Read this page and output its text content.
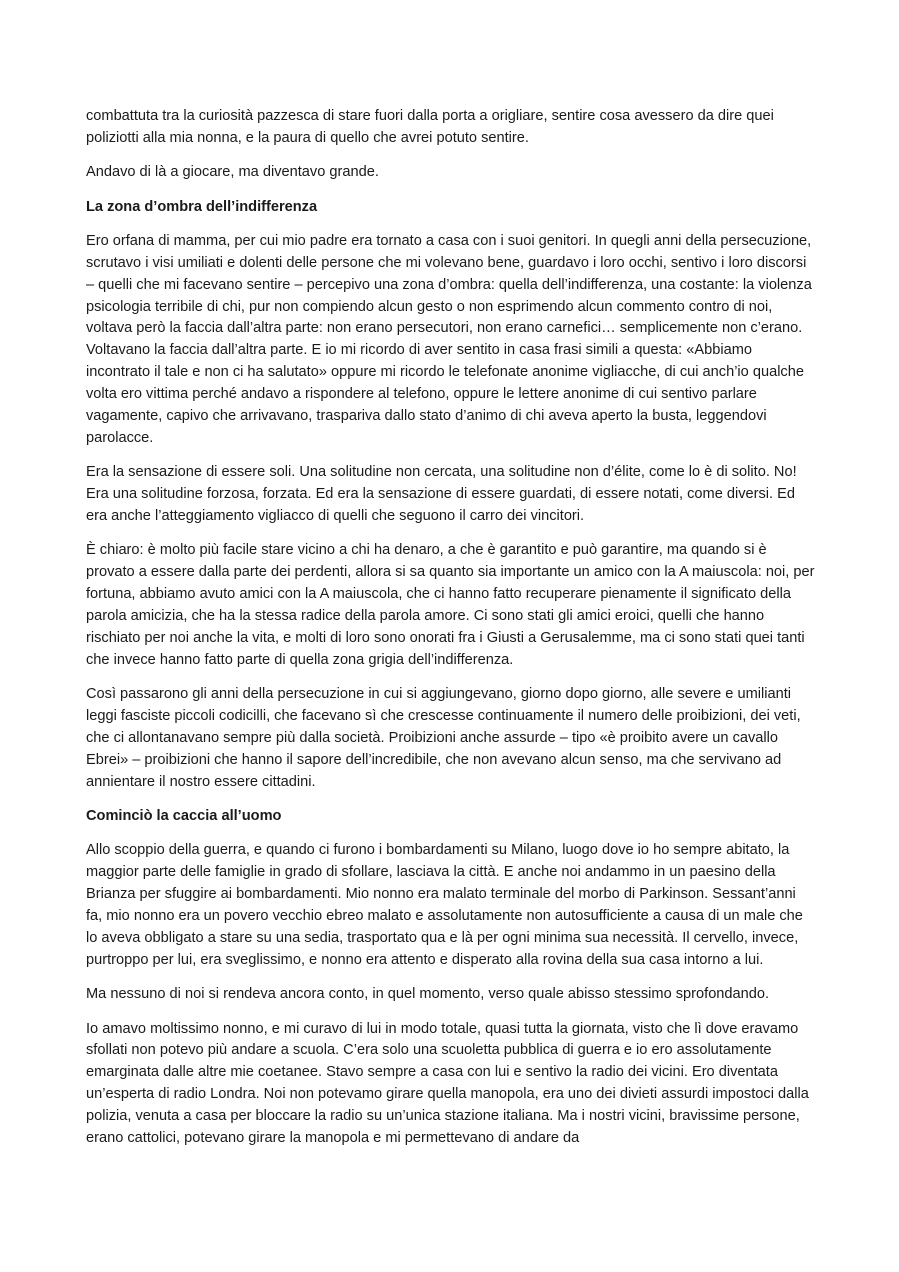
combattuta tra la curiosità pazzesca di stare fuori dalla porta a origliare, sentire cosa avessero da dire quei poliziotti alla mia nonna, e la paura di quello che avrei potuto sentire.

Andavo di là a giocare, ma diventavo grande.

La zona d’ombra dell’indifferenza

Ero orfana di mamma, per cui mio padre era tornato a casa con i suoi genitori. In quegli anni della persecuzione, scrutavo i visi umiliati e dolenti delle persone che mi volevano bene, guardavo i loro occhi, sentivo i loro discorsi – quelli che mi facevano sentire – percepivo una zona d’ombra: quella dell’indifferenza, una costante: la violenza psicologia terribile di chi, pur non compiendo alcun gesto o non esprimendo alcun commento contro di noi, voltava però la faccia dall’altra parte: non erano persecutori, non erano carnefici… semplicemente non c’erano. Voltavano la faccia dall’altra parte. E io mi ricordo di aver sentito in casa frasi simili a questa: «Abbiamo incontrato il tale e non ci ha salutato» oppure mi ricordo le telefonate anonime vigliacche, di cui anch’io qualche volta ero vittima perché andavo a rispondere al telefono, oppure le lettere anonime di cui sentivo parlare vagamente, capivo che arrivavano, traspariva dallo stato d’animo di chi aveva aperto la busta, leggendovi parolacce.

Era la sensazione di essere soli. Una solitudine non cercata, una solitudine non d’élite, come lo è di solito. No! Era una solitudine forzosa, forzata. Ed era la sensazione di essere guardati, di essere notati, come diversi. Ed era anche l’atteggiamento vigliacco di quelli che seguono il carro dei vincitori.

È chiaro: è molto più facile stare vicino a chi ha denaro, a che è garantito e può garantire, ma quando si è provato a essere dalla parte dei perdenti, allora si sa quanto sia importante un amico con la A maiuscola: noi, per fortuna, abbiamo avuto amici con la A maiuscola, che ci hanno fatto recuperare pienamente il significato della parola amicizia, che ha la stessa radice della parola amore. Ci sono stati gli amici eroici, quelli che hanno rischiato per noi anche la vita, e molti di loro sono onorati fra i Giusti a Gerusalemme, ma ci sono stati quei tanti che invece hanno fatto parte di quella zona grigia dell’indifferenza.

Così passarono gli anni della persecuzione in cui si aggiungevano, giorno dopo giorno, alle severe e umilianti leggi fasciste piccoli codicilli, che facevano sì che crescesse continuamente il numero delle proibizioni, dei veti, che ci allontanavano sempre più dalla società. Proibizioni anche assurde – tipo «è proibito avere un cavallo Ebrei» – proibizioni che hanno il sapore dell’incredibile, che non avevano alcun senso, ma che servivano ad annientare il nostro essere cittadini.

Cominciò la caccia all’uomo

Allo scoppio della guerra, e quando ci furono i bombardamenti su Milano, luogo dove io ho sempre abitato, la maggior parte delle famiglie in grado di sfollare, lasciava la città. E anche noi andammo in un paesino della Brianza per sfuggire ai bombardamenti. Mio nonno era malato terminale del morbo di Parkinson. Sessant’anni fa, mio nonno era un povero vecchio ebreo malato e assolutamente non autosufficiente a causa di un male che lo aveva obbligato a stare su una sedia, trasportato qua e là per ogni minima sua necessità. Il cervello, invece, purtroppo per lui, era sveglissimo, e nonno era attento e disperato alla rovina della sua casa intorno a lui.

Ma nessuno di noi si rendeva ancora conto, in quel momento, verso quale abisso stessimo sprofondando.

Io amavo moltissimo nonno, e mi curavo di lui in modo totale, quasi tutta la giornata, visto che lì dove eravamo sfollati non potevo più andare a scuola. C’era solo una scuoletta pubblica di guerra e io ero assolutamente emarginata dalle altre mie coetanee. Stavo sempre a casa con lui e sentivo la radio dei vicini. Ero diventata un’esperta di radio Londra. Noi non potevamo girare quella manopola, era uno dei divieti assurdi impostoci dalla polizia, venuta a casa per bloccare la radio su un’unica stazione italiana. Ma i nostri vicini, bravissime persone, erano cattolici, potevano girare la manopola e mi permettevano di andare da
